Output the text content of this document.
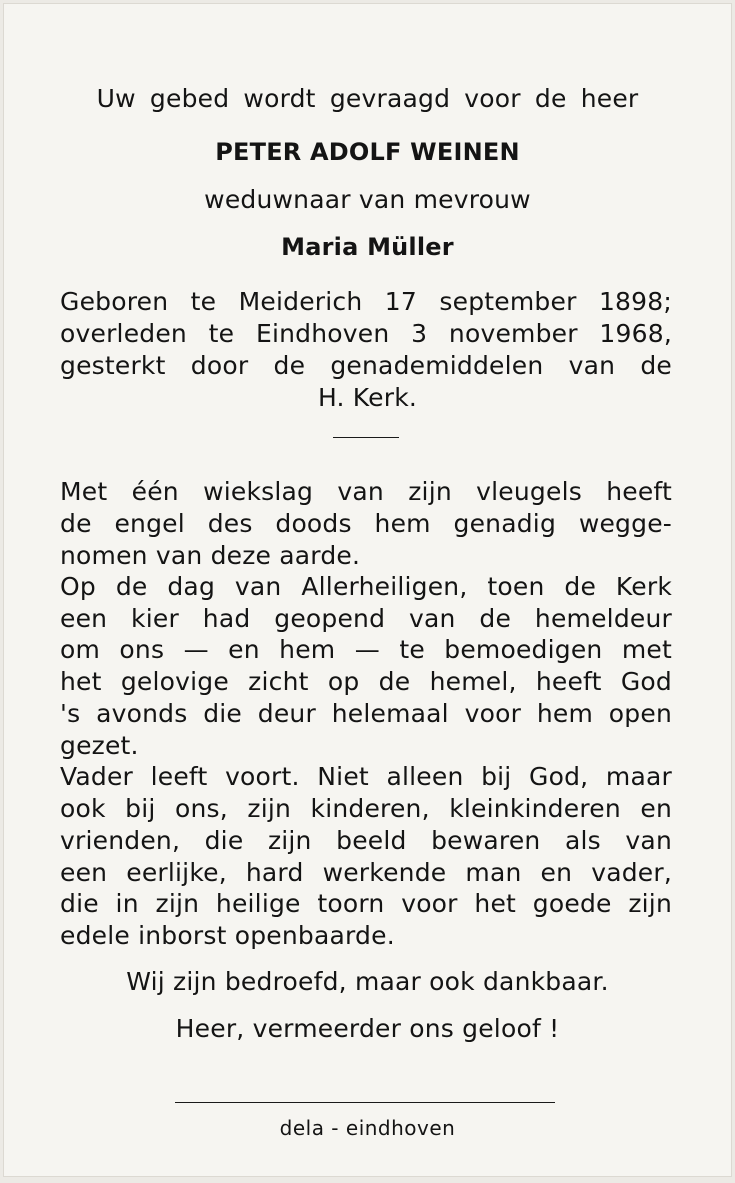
Uw gebed wordt gevraagd voor de heer
PETER ADOLF WEINEN
weduwnaar van mevrouw
Maria Müller
Geboren te Meiderich 17 september 1898;
overleden te Eindhoven 3 november 1968,
gesterkt door de genademiddelen van de
H. Kerk.
Met één wiekslag van zijn vleugels heeft
de engel des doods hem genadig wegge-
nomen van deze aarde.
Op de dag van Allerheiligen, toen de Kerk
een kier had geopend van de hemeldeur
om ons — en hem — te bemoedigen met
het gelovige zicht op de hemel, heeft God
's avonds die deur helemaal voor hem open
gezet.
Vader leeft voort. Niet alleen bij God, maar
ook bij ons, zijn kinderen, kleinkinderen en
vrienden, die zijn beeld bewaren als van
een eerlijke, hard werkende man en vader,
die in zijn heilige toorn voor het goede zijn
edele inborst openbaarde.
Wij zijn bedroefd, maar ook dankbaar.
Heer, vermeerder ons geloof !
dela - eindhoven
